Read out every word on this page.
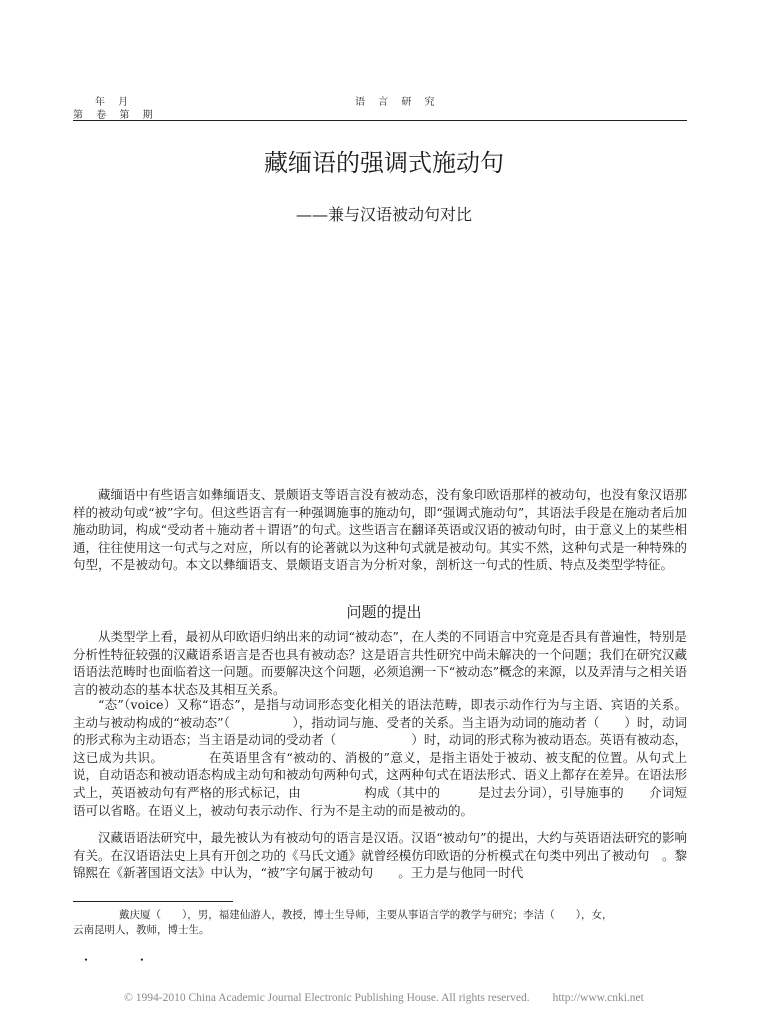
年 月
第 卷 第 期
语 言 研 究
藏缅语的强调式施动句
——兼与汉语被动句对比

藏缅语中有些语言如彝缅语支、景颇语支等语言没有被动态，没有象印欧语那样的被动句，也没有象汉语那样的被动句或“被”字句。但这些语言有一种强调施事的施动句，即“强调式施动句”，其语法手段是在施动者后加施动助词，构成“受动者＋施动者＋谓语”的句式。这些语言在翻译英语或汉语的被动句时，由于意义上的某些相通，往往使用这一句式与之对应，所以有的论著就以为这种句式就是被动句。其实不然，这种句式是一种特殊的句型，不是被动句。本文以彝缅语支、景颇语支语言为分析对象，剖析这一句式的性质、特点及类型学特征。

问题的提出

从类型学上看，最初从印欧语归纳出来的动词“被动态”，在人类的不同语言中究竟是否具有普遍性，特别是分析性特征较强的汉藏语系语言是否也具有被动态？这是语言共性研究中尚未解决的一个问题；我们在研究汉藏语语法范畴时也面临着这一问题。而要解决这个问题，必须追溯一下“被动态”概念的来源，以及弄清与之相关语言的被动态的基本状态及其相互关系。

“态”（voice）又称“语态”，是指与动词形态变化相关的语法范畴，即表示动作行为与主语、宾语的关系。主动与被动构成的“被动态”（　　　　　），指动词与施、受者的关系。当主语为动词的施动者（　　）时，动词的形式称为主动语态；当主语是动词的受动者（　　　　　　）时，动词的形式称为被动语态。英语有被动态，这已成为共识。　　　　在英语里含有“被动的、消极的”意义，是指主语处于被动、被支配的位置。从句式上说，自动语态和被动语态构成主动句和被动句两种句式，这两种句式在语法形式、语义上都存在差异。在语法形式上，英语被动句有严格的形式标记，由　　　　　构成（其中的　　　是过去分词），引导施事的　　介词短语可以省略。在语义上，被动句表示动作、行为不是主动的而是被动的。

汉藏语语法研究中，最先被认为有被动句的语言是汉语。汉语“被动句”的提出，大约与英语语法研究的影响有关。在汉语语法史上具有开创之功的《马氏文通》就曾经模仿印欧语的分析模式在句类中列出了被动句　。黎锦熙在《新著国语文法》中认为，“被”字句属于被动句　　。王力是与他同一时代

戴庆厦（　　），男，福建仙游人，教授，博士生导师，主要从事语言学的教学与研究；李洁（　　），女，
云南昆明人，教师，博士生。
・ ・
© 1994-2010 China Academic Journal Electronic Publishing House. All rights reserved.　　http://www.cnki.net
